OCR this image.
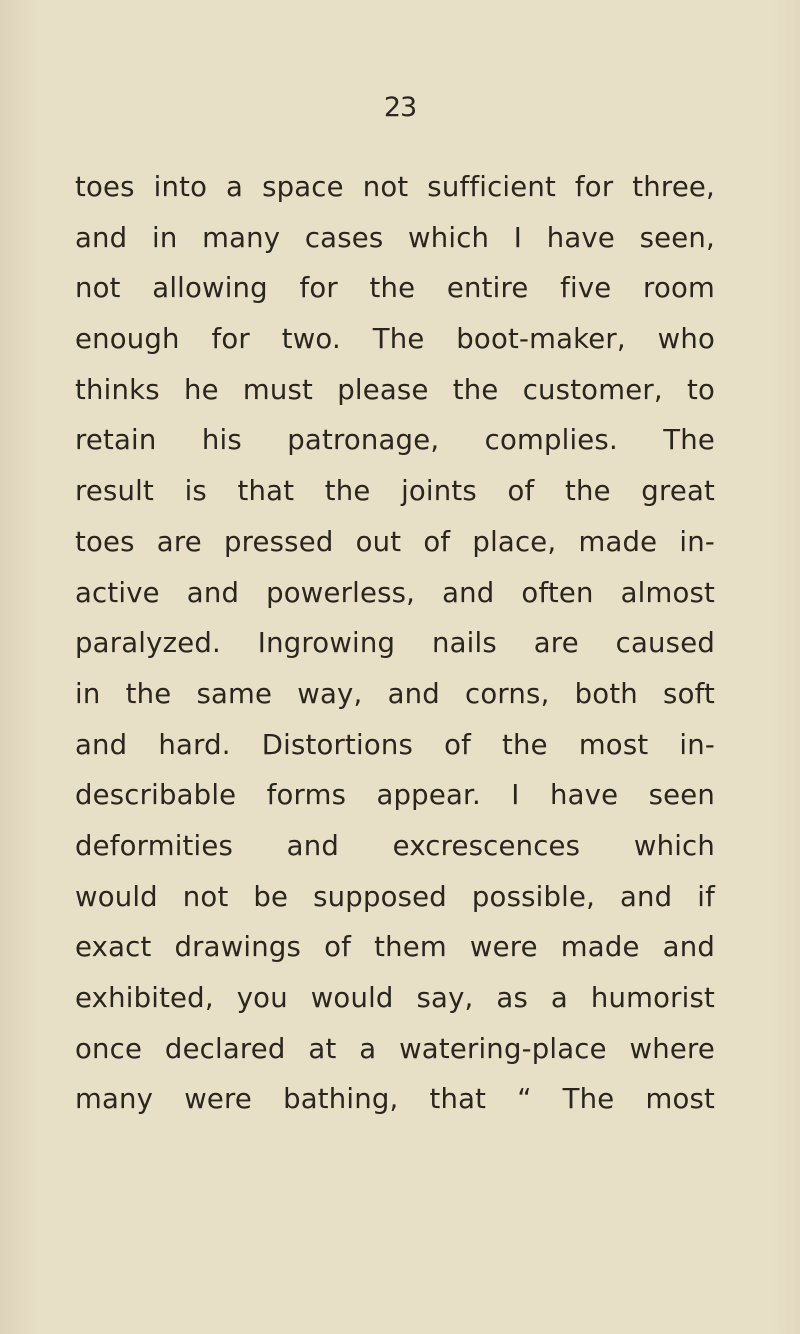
23
toes into a space not sufficient for three,
and in many cases which I have seen,
not allowing for the entire five room
enough for two. The boot-maker, who
thinks he must please the customer, to
retain his patronage, complies. The
result is that the joints of the great
toes are pressed out of place, made in-
active and powerless, and often almost
paralyzed. Ingrowing nails are caused
in the same way, and corns, both soft
and hard. Distortions of the most in-
describable forms appear. I have seen
deformities and excrescences which
would not be supposed possible, and if
exact drawings of them were made and
exhibited, you would say, as a humorist
once declared at a watering-place where
many were bathing, that “ The most
